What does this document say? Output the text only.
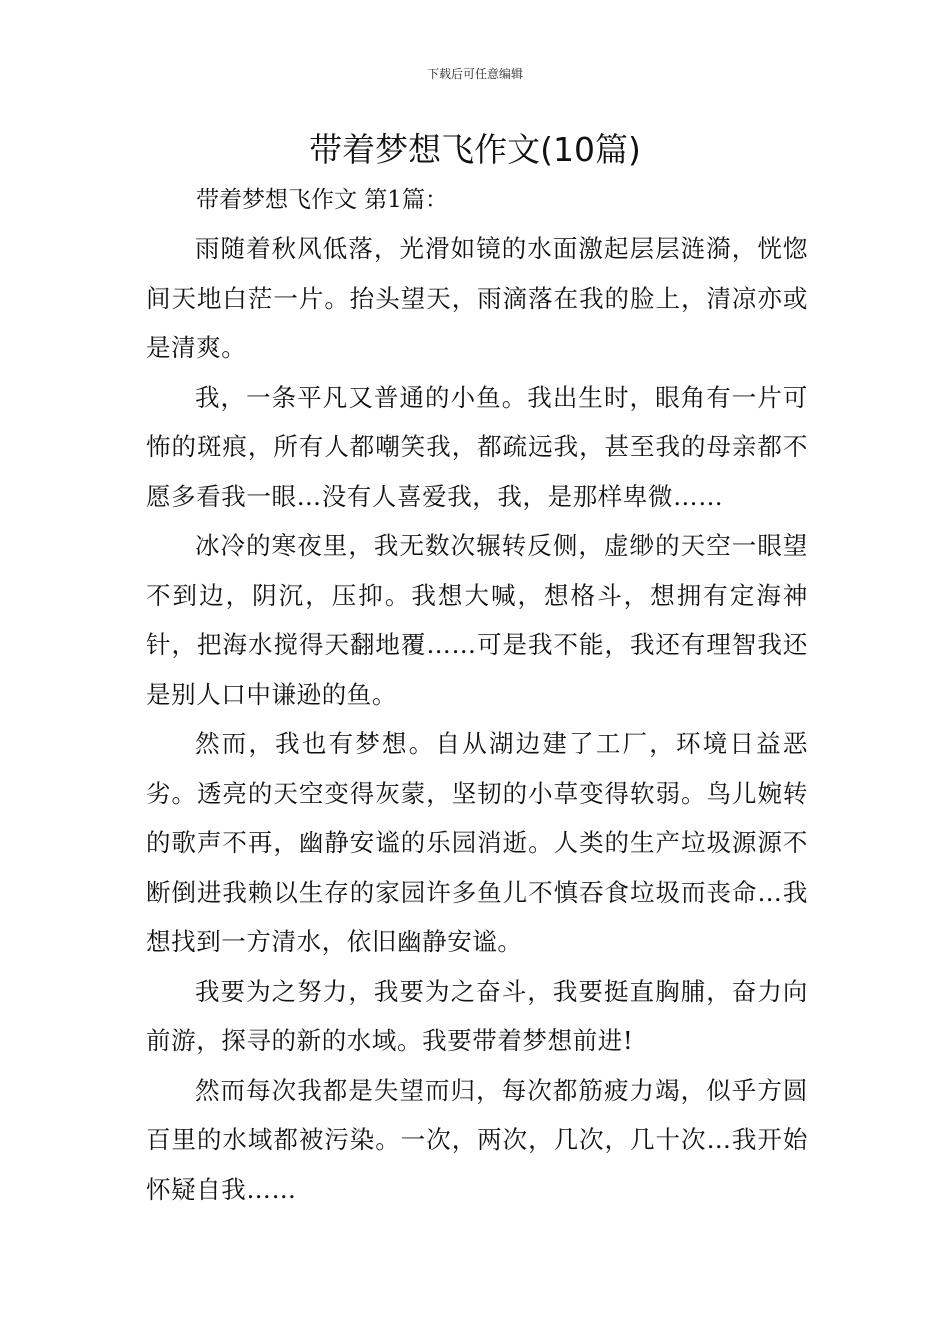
下载后可任意编辑
带着梦想飞作文(10篇)
带着梦想飞作文 第1篇：

雨随着秋风低落，光滑如镜的水面激起层层涟漪，恍惚间天地白茫一片。抬头望天，雨滴落在我的脸上，清凉亦或是清爽。

我，一条平凡又普通的小鱼。我出生时，眼角有一片可怖的斑痕，所有人都嘲笑我，都疏远我，甚至我的母亲都不愿多看我一眼…没有人喜爱我，我，是那样卑微……

冰冷的寒夜里，我无数次辗转反侧，虚缈的天空一眼望不到边，阴沉，压抑。我想大喊，想格斗，想拥有定海神针，把海水搅得天翻地覆……可是我不能，我还有理智我还是别人口中谦逊的鱼。

然而，我也有梦想。自从湖边建了工厂，环境日益恶劣。透亮的天空变得灰蒙，坚韧的小草变得软弱。鸟儿婉转的歌声不再，幽静安谧的乐园消逝。人类的生产垃圾源源不断倒进我赖以生存的家园许多鱼儿不慎吞食垃圾而丧命…我想找到一方清水，依旧幽静安谧。

我要为之努力，我要为之奋斗，我要挺直胸脯，奋力向前游，探寻的新的水域。我要带着梦想前进!

然而每次我都是失望而归，每次都筋疲力竭，似乎方圆百里的水域都被污染。一次，两次，几次，几十次…我开始怀疑自我……
